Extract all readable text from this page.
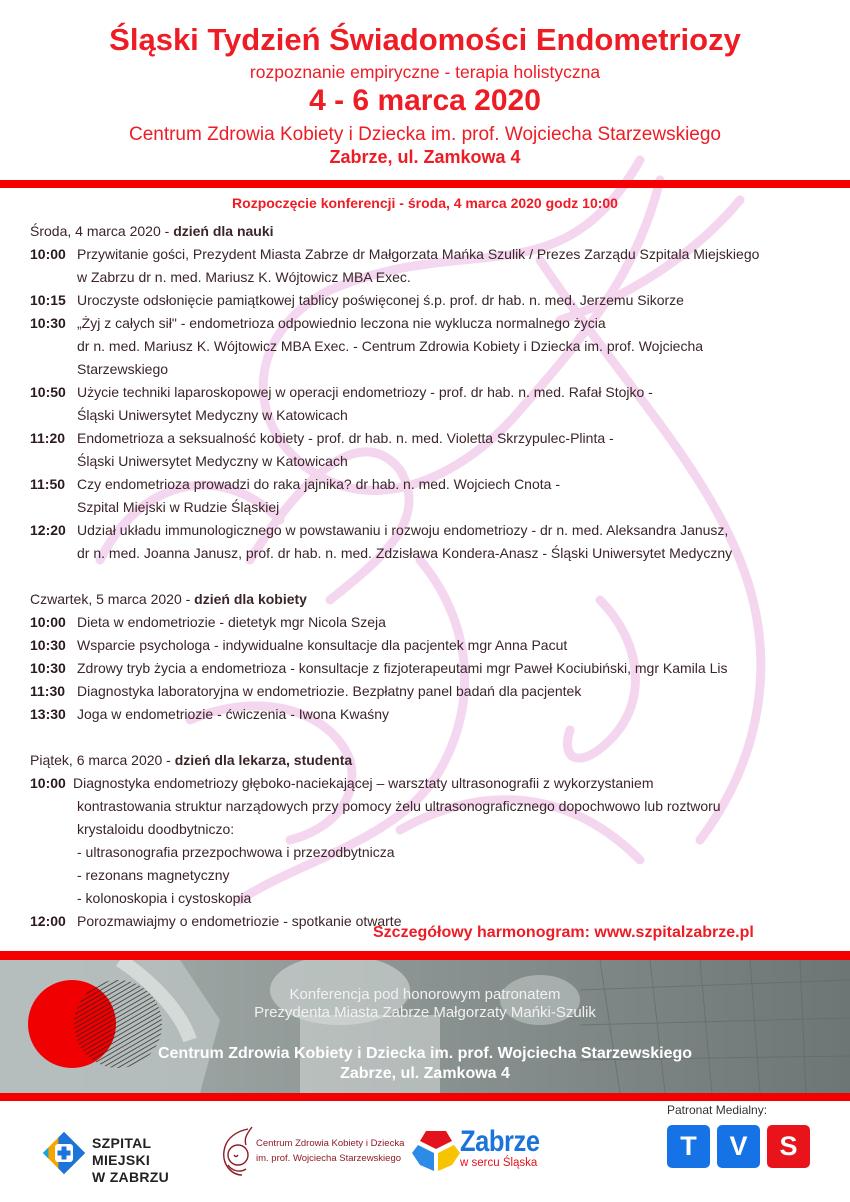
Śląski Tydzień Świadomości Endometriozy
rozpoznanie empiryczne - terapia holistyczna
4 - 6 marca 2020
Centrum Zdrowia Kobiety i Dziecka im. prof. Wojciecha Starzewskiego
Zabrze, ul. Zamkowa 4
Rozpoczęcie konferencji - środa, 4 marca 2020 godz 10:00
Środa, 4 marca 2020 - dzień dla nauki
10:00 Przywitanie gości, Prezydent Miasta Zabrze dr Małgorzata Mańka Szulik / Prezes Zarządu Szpitala Miejskiego
w Zabrzu dr n. med. Mariusz K. Wójtowicz MBA Exec.
10:15 Uroczyste odsłonięcie pamiątkowej tablicy poświęconej ś.p. prof. dr hab. n. med. Jerzemu Sikorze
10:30 „Żyj z całych sił" - endometrioza odpowiednio leczona nie wyklucza normalnego życia
dr n. med. Mariusz K. Wójtowicz MBA Exec. - Centrum Zdrowia Kobiety i Dziecka im. prof. Wojciecha
Starzewskiego
10:50 Użycie techniki laparoskopowej w operacji endometriozy - prof. dr hab. n. med. Rafał Stojko -
Śląski Uniwersytet Medyczny w Katowicach
11:20 Endometrioza a seksualność kobiety - prof. dr hab. n. med. Violetta Skrzypulec-Plinta -
Śląski Uniwersytet Medyczny w Katowicach
11:50 Czy endometrioza prowadzi do raka jajnika? dr hab. n. med. Wojciech Cnota -
Szpital Miejski w Rudzie Śląskiej
12:20 Udział układu immunologicznego w powstawaniu i rozwoju endometriozy - dr n. med. Aleksandra Janusz,
dr n. med. Joanna Janusz, prof. dr hab. n. med. Zdzisława Kondera-Anasz - Śląski Uniwersytet Medyczny
Czwartek, 5 marca 2020 - dzień dla kobiety
10:00 Dieta w endometriozie - dietetyk mgr Nicola Szeja
10:30 Wsparcie psychologa - indywidualne konsultacje dla pacjentek mgr Anna Pacut
10:30 Zdrowy tryb życia a endometrioza - konsultacje z fizjoterapeutami mgr Paweł Kociubiński, mgr Kamila Lis
11:30 Diagnostyka laboratoryjna w endometriozie. Bezpłatny panel badań dla pacjentek
13:30 Joga w endometriozie - ćwiczenia - Iwona Kwaśny
Piątek, 6 marca 2020 - dzień dla lekarza, studenta
10:00 Diagnostyka endometriozy głęboko-naciekającej – warsztaty ultrasonografii z wykorzystaniem
kontrastowania struktur narządowych przy pomocy żelu ultrasonograficznego dopochwowo lub roztworu
krystaloidu doodbytniczo:
- ultrasonografia przezpochwowa i przezodbytnicza
- rezonans magnetyczny
- kolonoskopia i cystoskopia
12:00 Porozmawiajmy o endometriozie - spotkanie otwarte
Szczegółowy harmonogram: www.szpitalzabrze.pl
Konferencja pod honorowym patronatem
Prezydenta Miasta Zabrze Małgorzaty Mańki-Szulik
Centrum Zdrowia Kobiety i Dziecka im. prof. Wojciecha Starzewskiego
Zabrze, ul. Zamkowa 4
SZPITAL MIEJSKI
W ZABRZU
Centrum Zdrowia Kobiety i Dziecka
im. prof. Wojciecha Starzewskiego
Zabrze
w sercu Śląska
Patronat Medialny:
T	V	S
